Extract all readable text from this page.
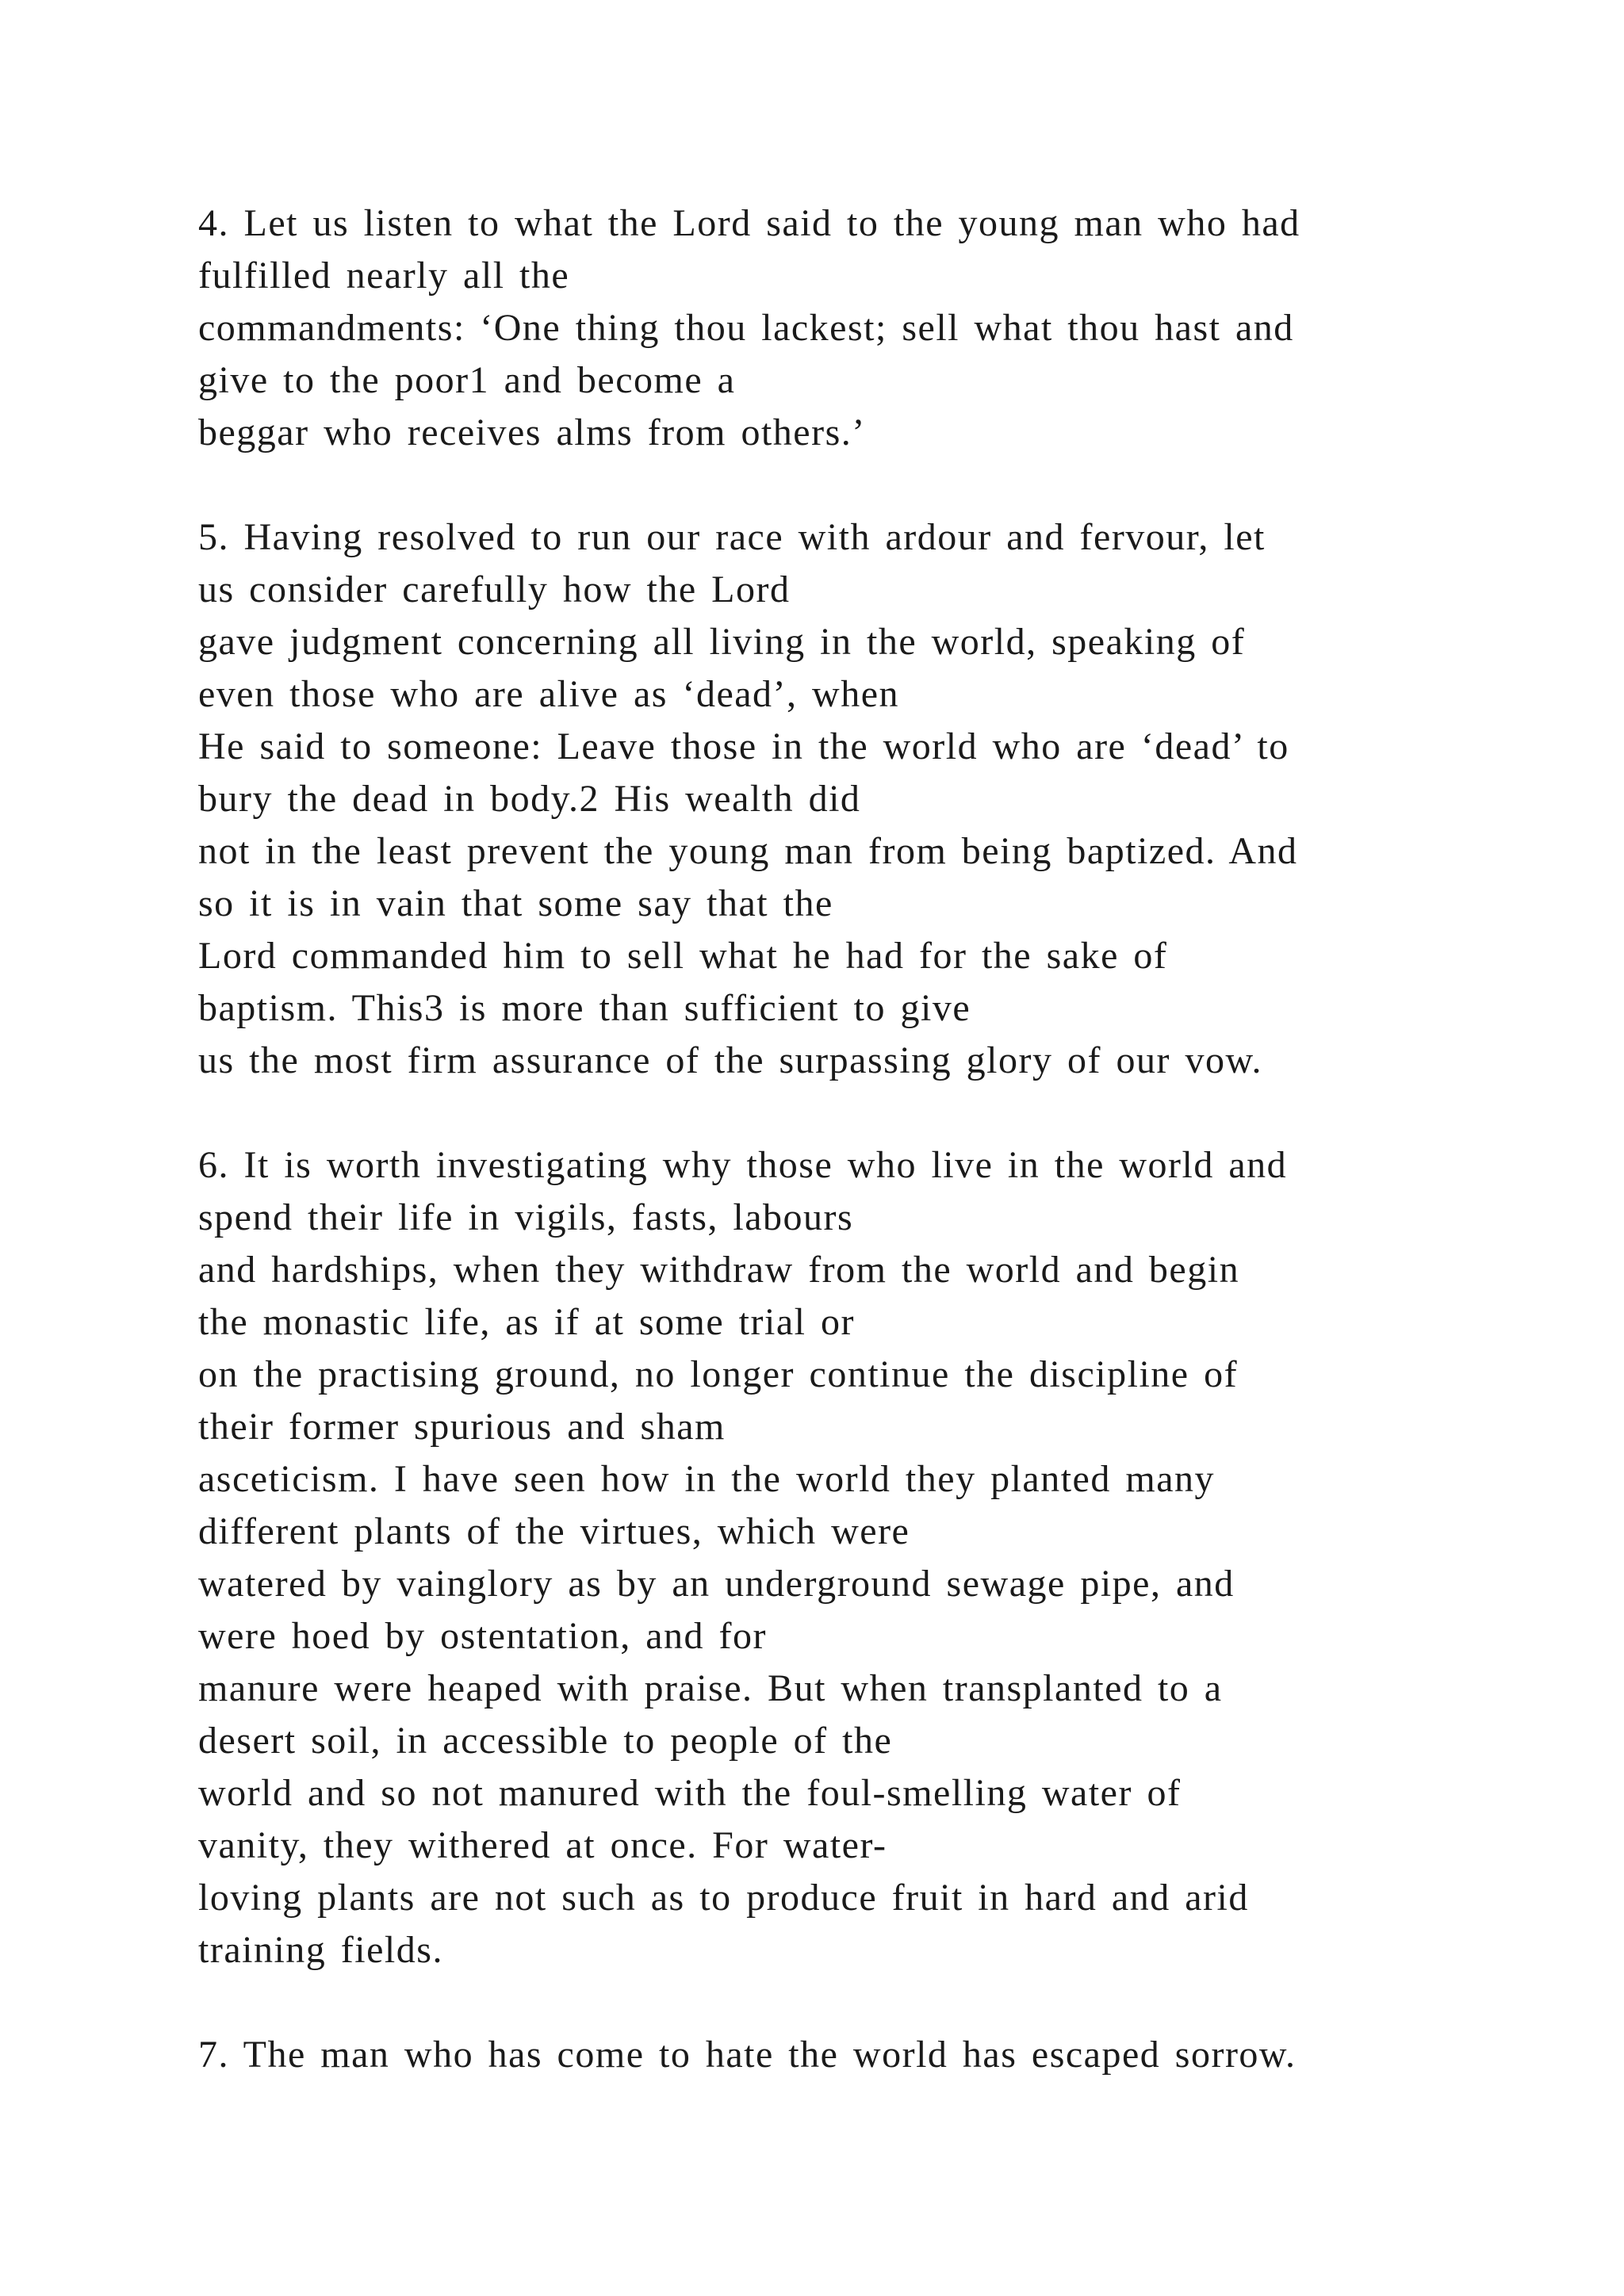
4. Let us listen to what the Lord said to the young man who had
fulfilled nearly all the
commandments: ‘One thing thou lackest; sell what thou hast and
give to the poor1 and become a
beggar who receives alms from others.’

5. Having resolved to run our race with ardour and fervour, let
us consider carefully how the Lord
gave judgment concerning all living in the world, speaking of
even those who are alive as ‘dead’, when
He said to someone: Leave those in the world who are ‘dead’ to
bury the dead in body.2 His wealth did
not in the least prevent the young man from being baptized. And
so it is in vain that some say that the
Lord commanded him to sell what he had for the sake of
baptism. This3 is more than sufficient to give
us the most firm assurance of the surpassing glory of our vow.

6. It is worth investigating why those who live in the world and
spend their life in vigils, fasts, labours
and hardships, when they withdraw from the world and begin
the monastic life, as if at some trial or
on the practising ground, no longer continue the discipline of
their former spurious and sham
asceticism. I have seen how in the world they planted many
different plants of the virtues, which were
watered by vainglory as by an underground sewage pipe, and
were hoed by ostentation, and for
manure were heaped with praise. But when transplanted to a
desert soil, in accessible to people of the
world and so not manured with the foul-smelling water of
vanity, they withered at once. For water-
loving plants are not such as to produce fruit in hard and arid
training fields.

7. The man who has come to hate the world has escaped sorrow.
